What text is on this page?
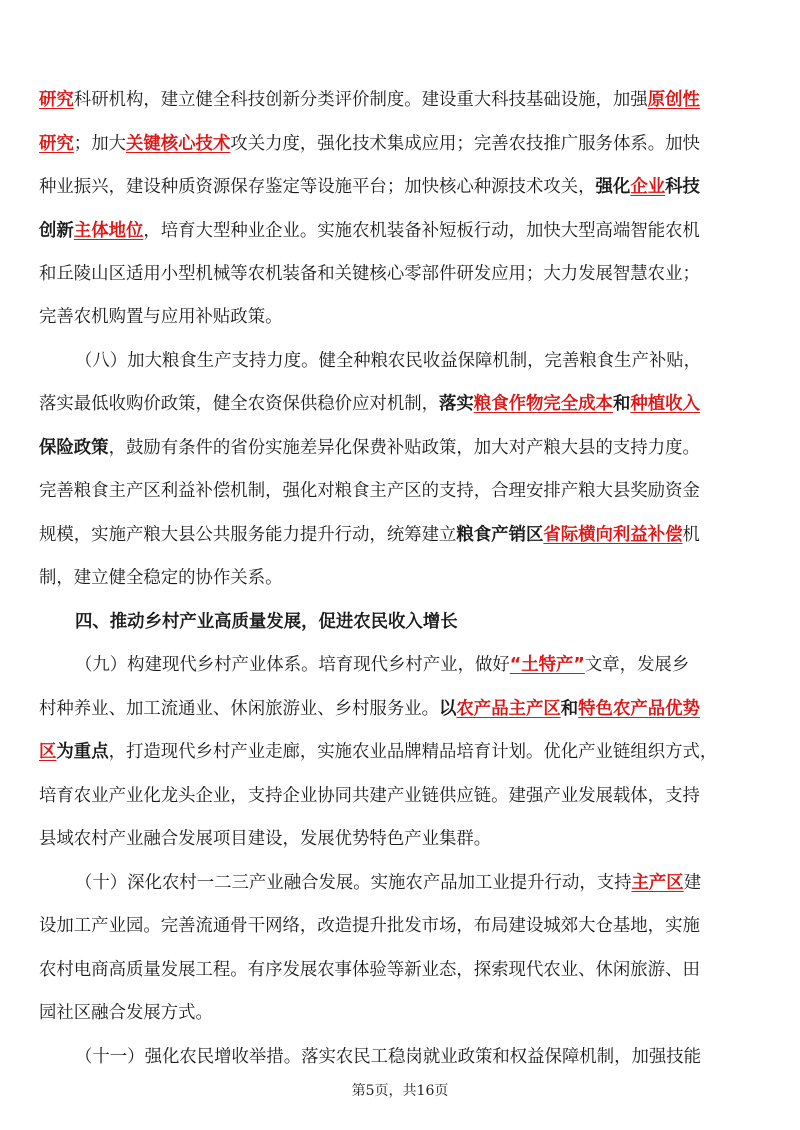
研究科研机构，建立健全科技创新分类评价制度。建设重大科技基础设施，加强原创性
研究；加大关键核心技术攻关力度，强化技术集成应用；完善农技推广服务体系。加快
种业振兴，建设种质资源保存鉴定等设施平台；加快核心种源技术攻关，强化企业科技
创新主体地位，培育大型种业企业。实施农机装备补短板行动，加快大型高端智能农机
和丘陵山区适用小型机械等农机装备和关键核心零部件研发应用；大力发展智慧农业；
完善农机购置与应用补贴政策。
（八）加大粮食生产支持力度。健全种粮农民收益保障机制，完善粮食生产补贴，
落实最低收购价政策，健全农资保供稳价应对机制，落实粮食作物完全成本和种植收入
保险政策，鼓励有条件的省份实施差异化保费补贴政策，加大对产粮大县的支持力度。
完善粮食主产区利益补偿机制，强化对粮食主产区的支持，合理安排产粮大县奖励资金
规模，实施产粮大县公共服务能力提升行动，统筹建立粮食产销区省际横向利益补偿机
制，建立健全稳定的协作关系。
四、推动乡村产业高质量发展，促进农民收入增长
（九）构建现代乡村产业体系。培育现代乡村产业，做好“土特产”文章，发展乡
村种养业、加工流通业、休闲旅游业、乡村服务业。以农产品主产区和特色农产品优势
区为重点，打造现代乡村产业走廊，实施农业品牌精品培育计划。优化产业链组织方式，
培育农业产业化龙头企业，支持企业协同共建产业链供应链。建强产业发展载体，支持
县域农村产业融合发展项目建设，发展优势特色产业集群。
（十）深化农村一二三产业融合发展。实施农产品加工业提升行动，支持主产区建
设加工产业园。完善流通骨干网络，改造提升批发市场，布局建设城郊大仓基地，实施
农村电商高质量发展工程。有序发展农事体验等新业态，探索现代农业、休闲旅游、田
园社区融合发展方式。
（十一）强化农民增收举措。落实农民工稳岗就业政策和权益保障机制，加强技能
第5页，共16页
